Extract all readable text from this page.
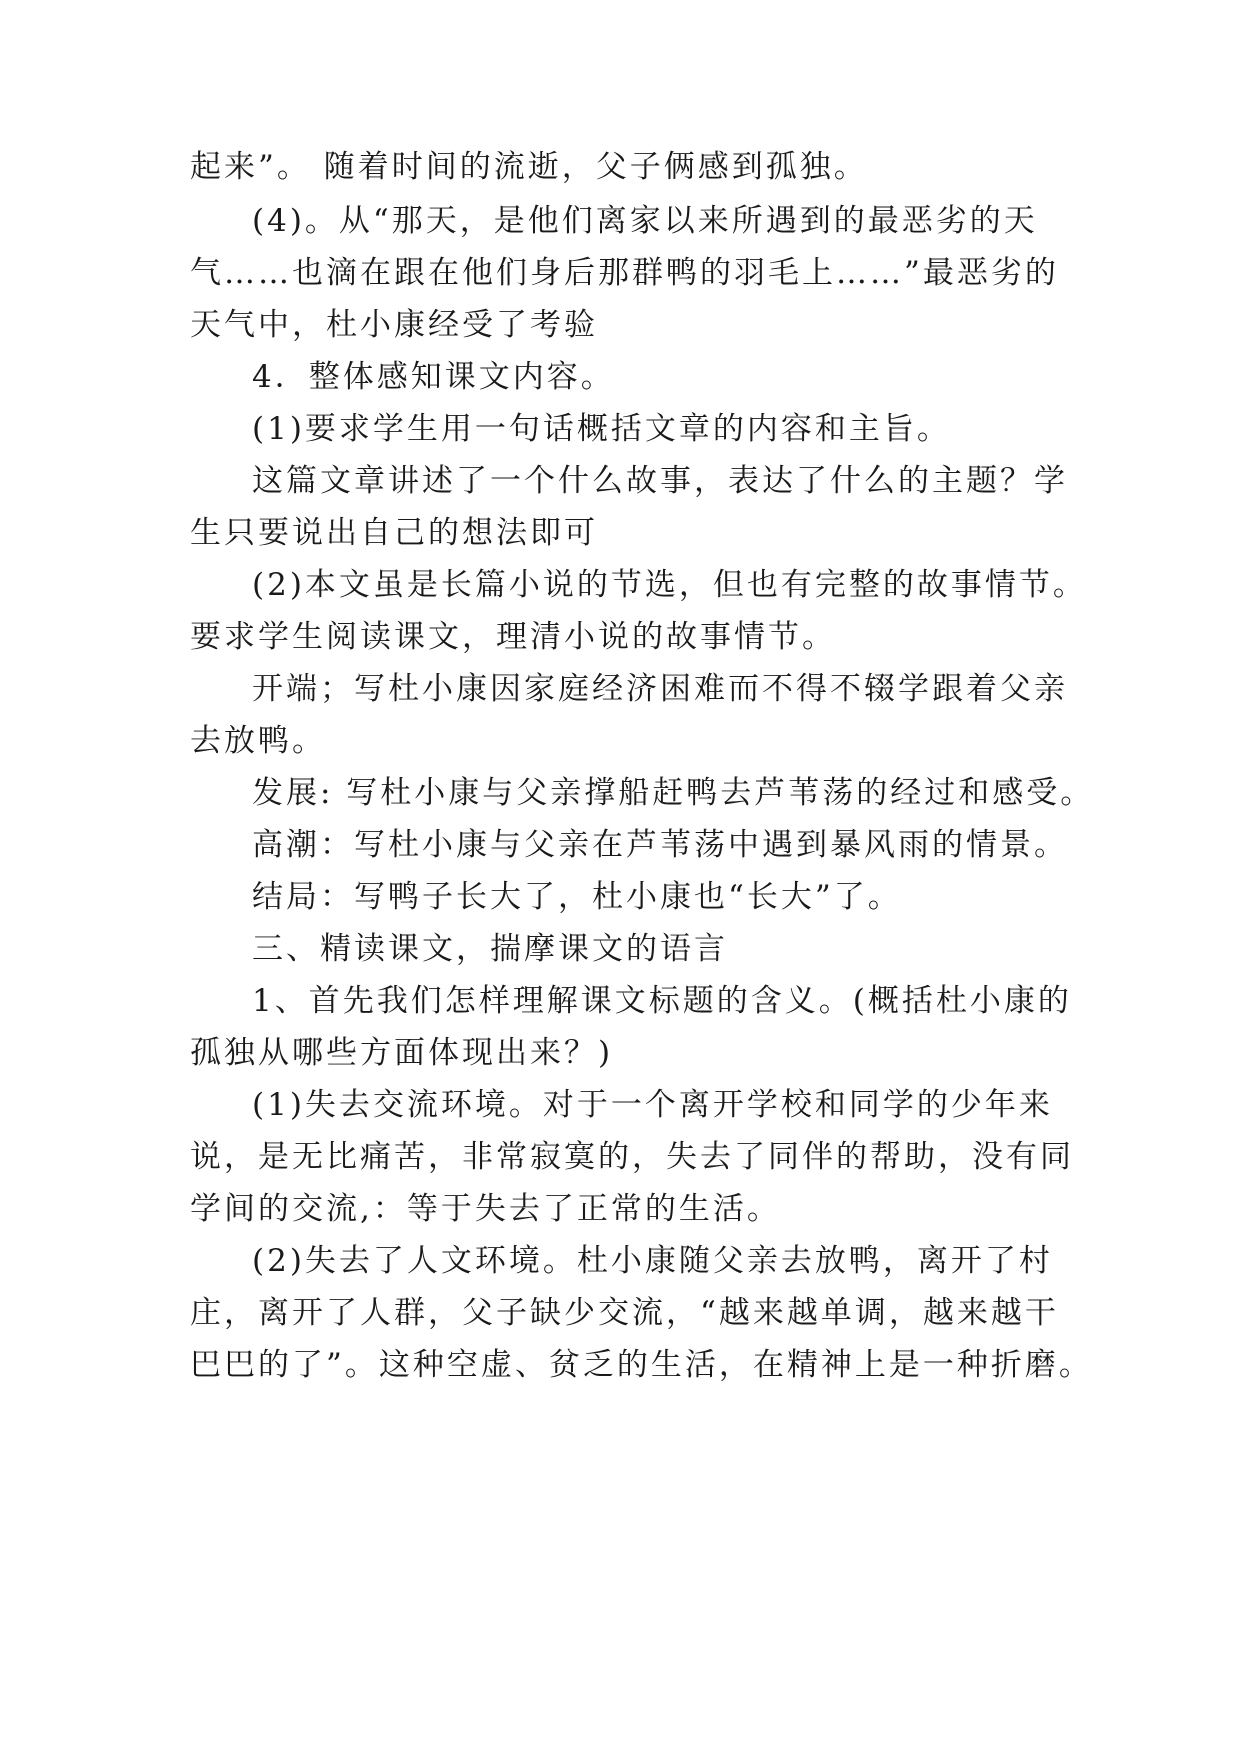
起来”。 随着时间的流逝，父子俩感到孤独。
(4)。从“那天，是他们离家以来所遇到的最恶劣的天
气……也滴在跟在他们身后那群鸭的羽毛上……”最恶劣的
天气中，杜小康经受了考验
4．整体感知课文内容。
(1)要求学生用一句话概括文章的内容和主旨。
这篇文章讲述了一个什么故事，表达了什么的主题？学
生只要说出自己的想法即可
(2)本文虽是长篇小说的节选，但也有完整的故事情节。
要求学生阅读课文，理清小说的故事情节。
开端；写杜小康因家庭经济困难而不得不辍学跟着父亲
去放鸭。
发展: 写杜小康与父亲撑船赶鸭去芦苇荡的经过和感受。
高潮：写杜小康与父亲在芦苇荡中遇到暴风雨的情景。
结局：写鸭子长大了，杜小康也“长大”了。
三、精读课文，揣摩课文的语言
1、首先我们怎样理解课文标题的含义。(概括杜小康的
孤独从哪些方面体现出来？)
(1)失去交流环境。对于一个离开学校和同学的少年来
说，是无比痛苦，非常寂寞的，失去了同伴的帮助，没有同
学间的交流,：等于失去了正常的生活。
(2)失去了人文环境。杜小康随父亲去放鸭，离开了村
庄，离开了人群，父子缺少交流，“越来越单调，越来越干
巴巴的了”。这种空虚、贫乏的生活，在精神上是一种折磨。
